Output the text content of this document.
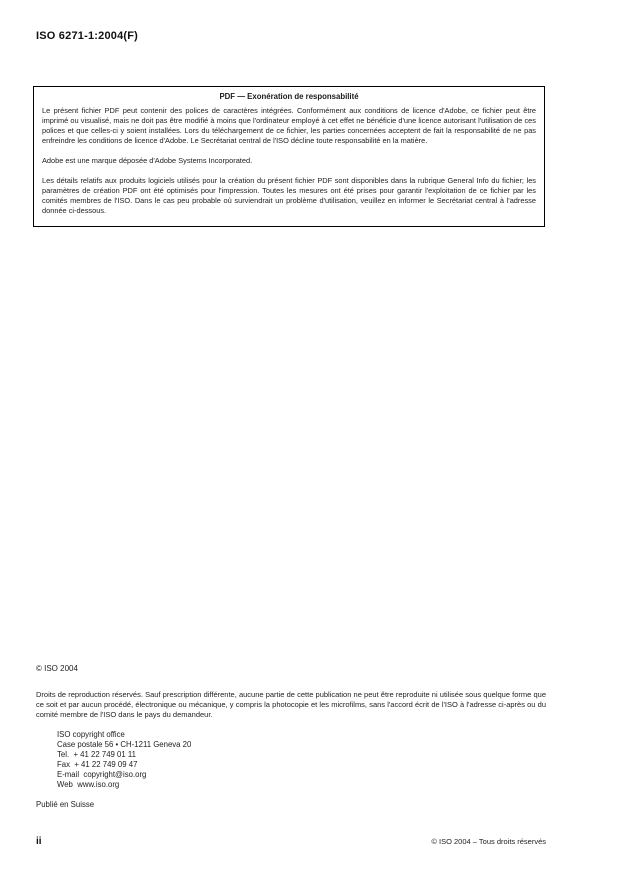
ISO 6271-1:2004(F)
PDF — Exonération de responsabilité

Le présent fichier PDF peut contenir des polices de caractères intégrées. Conformément aux conditions de licence d'Adobe, ce fichier peut être imprimé ou visualisé, mais ne doit pas être modifié à moins que l'ordinateur employé à cet effet ne bénéficie d'une licence autorisant l'utilisation de ces polices et que celles-ci y soient installées. Lors du téléchargement de ce fichier, les parties concernées acceptent de fait la responsabilité de ne pas enfreindre les conditions de licence d'Adobe. Le Secrétariat central de l'ISO décline toute responsabilité en la matière.

Adobe est une marque déposée d'Adobe Systems Incorporated.

Les détails relatifs aux produits logiciels utilisés pour la création du présent fichier PDF sont disponibles dans la rubrique General Info du fichier; les paramètres de création PDF ont été optimisés pour l'impression. Toutes les mesures ont été prises pour garantir l'exploitation de ce fichier par les comités membres de l'ISO. Dans le cas peu probable où surviendrait un problème d'utilisation, veuillez en informer le Secrétariat central à l'adresse donnée ci-dessous.

© ISO 2004

Droits de reproduction réservés. Sauf prescription différente, aucune partie de cette publication ne peut être reproduite ni utilisée sous quelque forme que ce soit et par aucun procédé, électronique ou mécanique, y compris la photocopie et les microfilms, sans l'accord écrit de l'ISO à l'adresse ci-après ou du comité membre de l'ISO dans le pays du demandeur.

ISO copyright office
Case postale 56 • CH-1211 Geneva 20
Tel.  + 41 22 749 01 11
Fax  + 41 22 749 09 47
E-mail  copyright@iso.org
Web  www.iso.org
Publié en Suisse
ii	© ISO 2004 – Tous droits réservés
